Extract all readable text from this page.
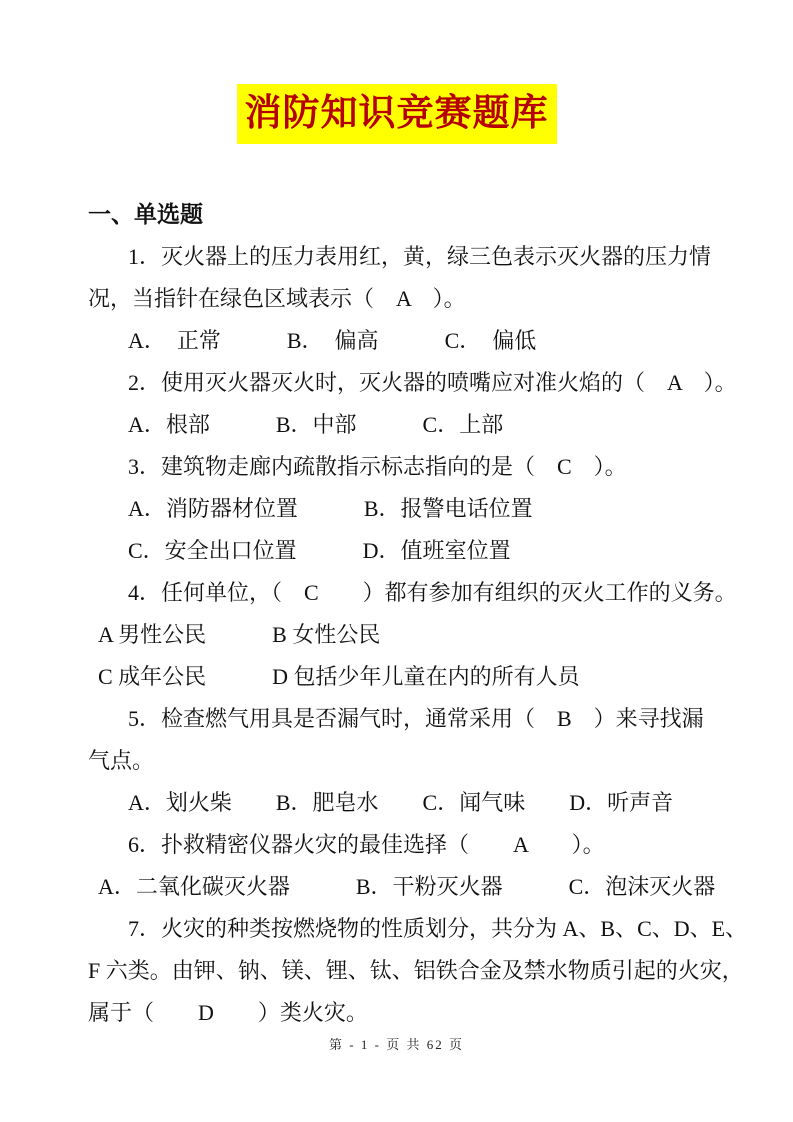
消防知识竞赛题库
一、单选题
1．灭火器上的压力表用红，黄，绿三色表示灭火器的压力情
况，当指针在绿色区域表示（　A　）。
A．　正常　　　B．　偏高　　　C．　偏低
2．使用灭火器灭火时，灭火器的喷嘴应对准火焰的（　A　）。
A．根部　　　B．中部　　　C．上部
3．建筑物走廊内疏散指示标志指向的是（　C　）。
A．消防器材位置　　　B．报警电话位置
C．安全出口位置　　　D．值班室位置
4．任何单位，（　C　　）都有参加有组织的灭火工作的义务。
A 男性公民　　　B 女性公民
C 成年公民　　　D 包括少年儿童在内的所有人员
5．检查燃气用具是否漏气时，通常采用（　B　）来寻找漏
气点。
A．划火柴　　B．肥皂水　　C．闻气味　　D．听声音
6．扑救精密仪器火灾的最佳选择（　　A　　）。
A．二氧化碳灭火器　　　B．干粉灭火器　　　C．泡沫灭火器
7．火灾的种类按燃烧物的性质划分，共分为 A、B、C、D、E、
F 六类。由钾、钠、镁、锂、钛、铝铁合金及禁水物质引起的火灾，
属于（　　D　　）类火灾。
第 - 1 - 页 共 62 页
